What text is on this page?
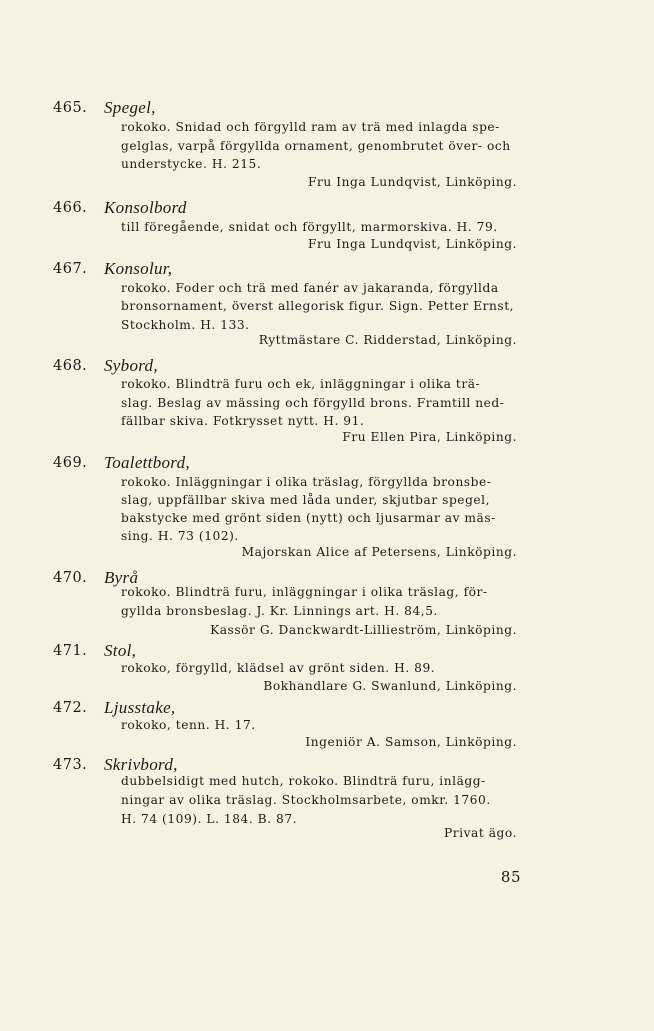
465. Spegel,
rokoko. Snidad och förgylld ram av trä med inlagda spe-
gelglas, varpå förgyllda ornament, genombrutet över- och
understycke. H. 215.
Fru Inga Lundqvist, Linköping.
466. Konsolbord
till föregående, snidat och förgyllt, marmorskiva. H. 79.
Fru Inga Lundqvist, Linköping.
467. Konsolur,
rokoko. Foder och trä med fanér av jakaranda, förgyllda
bronsornament, överst allegorisk figur. Sign. Petter Ernst,
Stockholm. H. 133.
Ryttmästare C. Ridderstad, Linköping.
468. Sybord,
rokoko. Blindträ furu och ek, inläggningar i olika trä-
slag. Beslag av mässing och förgylld brons. Framtill ned-
fällbar skiva. Fotkrysset nytt. H. 91.
Fru Ellen Pira, Linköping.
469. Toalettbord,
rokoko. Inläggningar i olika träslag, förgyllda bronsbe-
slag, uppfällbar skiva med låda under, skjutbar spegel,
bakstycke med grönt siden (nytt) och ljusarmar av mäs-
sing. H. 73 (102).
Majorskan Alice af Petersens, Linköping.
470. Byrå
rokoko. Blindträ furu, inläggningar i olika träslag, för-
gyllda bronsbeslag. J. Kr. Linnings art. H. 84,5.
Kassör G. Danckwardt-Lillieström, Linköping.
471. Stol,
rokoko, förgylld, klädsel av grönt siden. H. 89.
Bokhandlare G. Swanlund, Linköping.
472. Ljusstake,
rokoko, tenn. H. 17.
Ingeniör A. Samson, Linköping.
473. Skrivbord,
dubbelsidigt med hutch, rokoko. Blindträ furu, inlägg-
ningar av olika träslag. Stockholmsarbete, omkr. 1760.
H. 74 (109). L. 184. B. 87.
Privat ägo.
85
